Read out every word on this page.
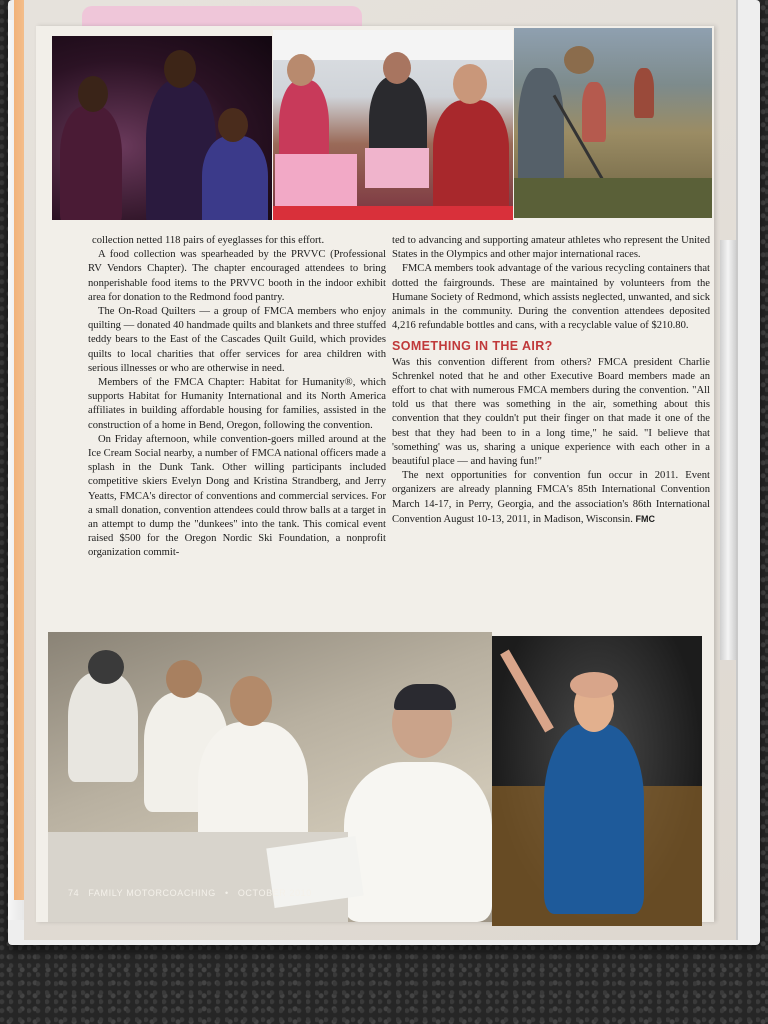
collection netted 118 pairs of eyeglasses for this effort.

A food collection was spearheaded by the PRVVC (Professional RV Vendors Chapter). The chapter encouraged attendees to bring nonperishable food items to the PRVVC booth in the indoor exhibit area for donation to the Redmond food pantry.

The On-Road Quilters — a group of FMCA members who enjoy quilting — donated 40 handmade quilts and blankets and three stuffed teddy bears to the East of the Cascades Quilt Guild, which provides quilts to local charities that offer services for area children with serious illnesses or who are otherwise in need.

Members of the FMCA Chapter: Habitat for Humanity®, which supports Habitat for Humanity International and its North America affiliates in building affordable housing for families, assisted in the construction of a home in Bend, Oregon, following the convention.

On Friday afternoon, while convention-goers milled around at the Ice Cream Social nearby, a number of FMCA national officers made a splash in the Dunk Tank. Other willing participants included competitive skiers Evelyn Dong and Kristina Strandberg, and Jerry Yeatts, FMCA's director of conventions and commercial services. For a small donation, convention attendees could throw balls at a target in an attempt to dump the "dunkees" into the tank. This comical event raised $500 for the Oregon Nordic Ski Foundation, a nonprofit organization commit-

ted to advancing and supporting amateur athletes who represent the United States in the Olympics and other major international races.

FMCA members took advantage of the various recycling containers that dotted the fairgrounds. These are maintained by volunteers from the Humane Society of Redmond, which assists neglected, unwanted, and sick animals in the community. During the convention attendees deposited 4,216 refundable bottles and cans, with a recyclable value of $210.80.

SOMETHING IN THE AIR?

Was this convention different from others? FMCA president Charlie Schrenkel noted that he and other Executive Board members made an effort to chat with numerous FMCA members during the convention. "All told us that there was something in the air, something about this convention that they couldn't put their finger on that made it one of the best that they had been to in a long time," he said. "I believe that 'something' was us, sharing a unique experience with each other in a beautiful place — and having fun!"

The next opportunities for convention fun occur in 2011. Event organizers are already planning FMCA's 85th International Convention March 14-17, in Perry, Georgia, and the association's 86th International Convention August 10-13, 2011, in Madison, Wisconsin. FMC

74 FAMILY MOTORCOACHING • OCTOBER 2010
